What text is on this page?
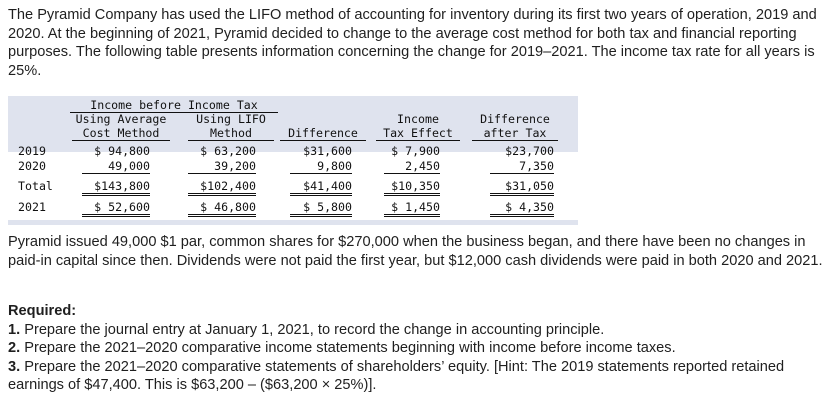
The Pyramid Company has used the LIFO method of accounting for inventory during its first two years of operation, 2019 and 2020. At the beginning of 2021, Pyramid decided to change to the average cost method for both tax and financial reporting purposes. The following table presents information concerning the change for 2019–2021. The income tax rate for all years is 25%.
Income before Income Tax
Using Average
Cost Method
Using LIFO
Method	Difference
Income
Tax Effect
Difference
after Tax
2019	$ 94,800	$ 63,200	$31,600	$ 7,900	$23,700
2020	49,000	39,200	9,800	2,450	7,350
Total	$143,800	$102,400	$41,400	$10,350	$31,050
2021	$ 52,600	$ 46,800	$ 5,800	$ 1,450	$ 4,350
Pyramid issued 49,000 $1 par, common shares for $270,000 when the business began, and there have been no changes in paid-in capital since then. Dividends were not paid the first year, but $12,000 cash dividends were paid in both 2020 and 2021.
Required:
1. Prepare the journal entry at January 1, 2021, to record the change in accounting principle.
2. Prepare the 2021–2020 comparative income statements beginning with income before income taxes.
3. Prepare the 2021–2020 comparative statements of shareholders’ equity. [Hint: The 2019 statements reported retained earnings of $47,400. This is $63,200 – ($63,200 × 25%)].
